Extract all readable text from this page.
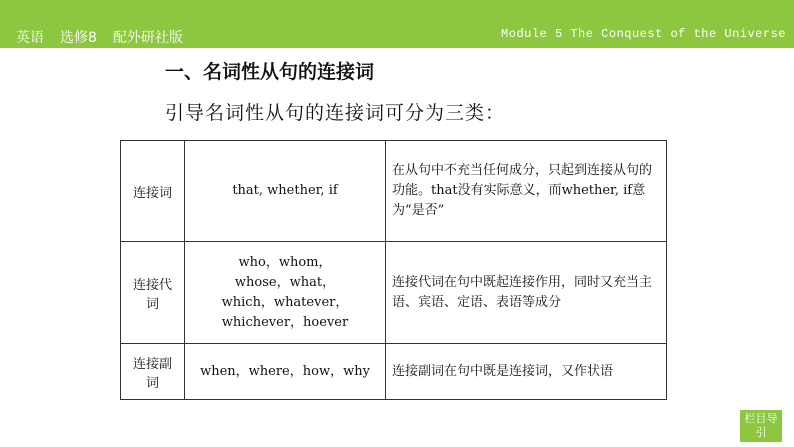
英语 选修8 配外研社版	Module 5 The Conquest of the Universe
一、名词性从句的连接词
引导名词性从句的连接词可分为三类：
连接词	that, whether, if	在从句中不充当任何成分，只起到连接从句的功能。that没有实际意义，而whether, if意为“是否”
连接代词	who，whom，
whose，what，
which，whatever，
whichever，hoever	连接代词在句中既起连接作用，同时又充当主语、宾语、定语、表语等成分
连接副词	when，where，how，why	连接副词在句中既是连接词，又作状语
栏目导引
